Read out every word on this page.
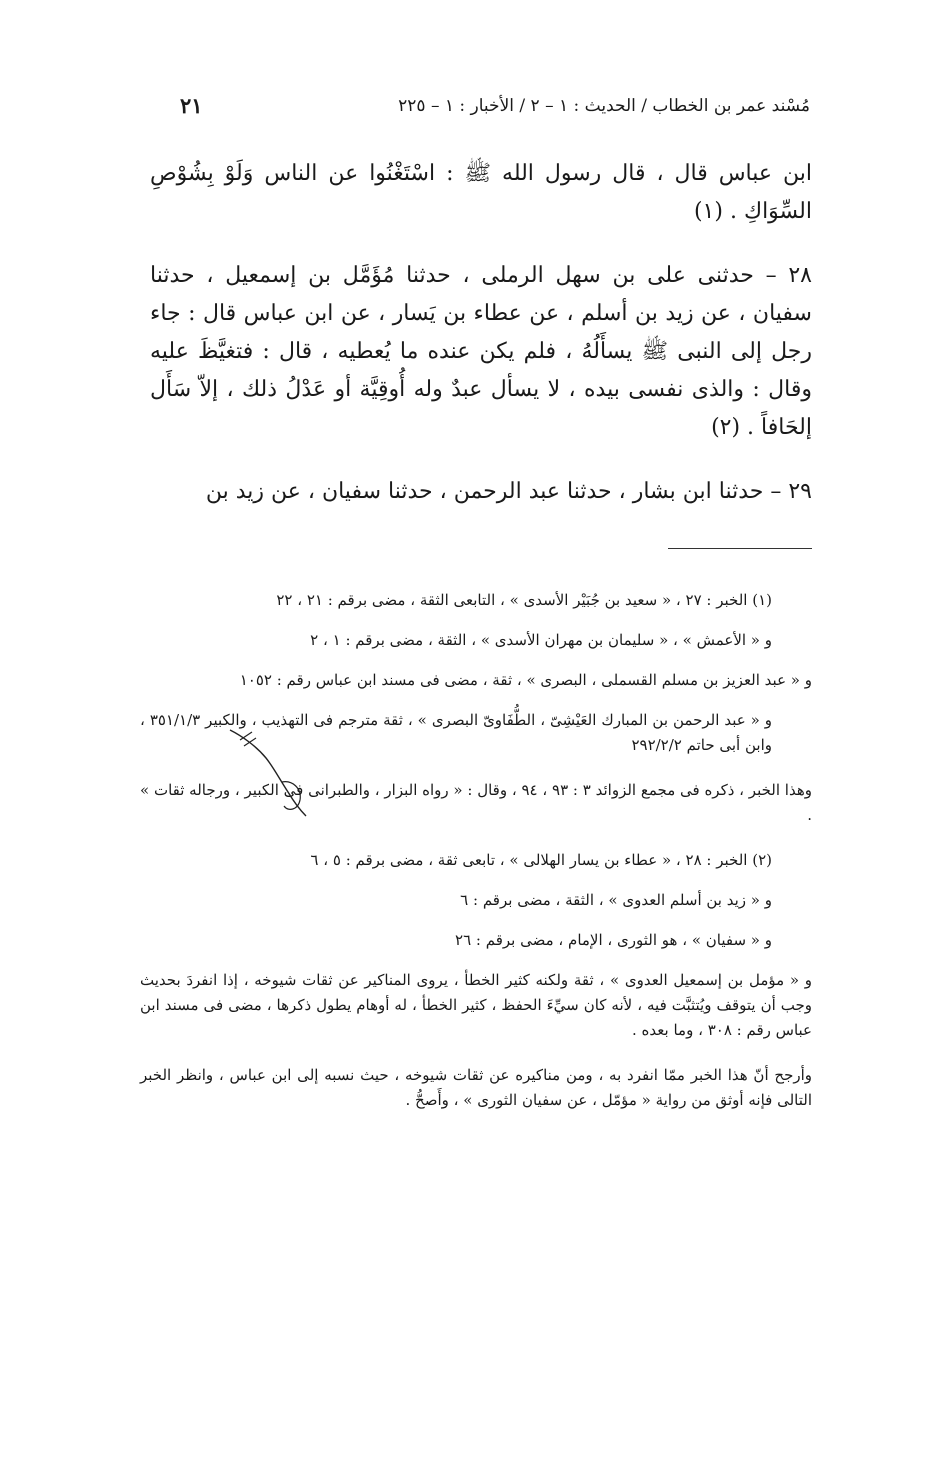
مُسْند عمر بن الخطاب / الحديث : ١ – ٢ / الأخبار : ١ – ٢٢٥
٢١

ابن عباس قال ، قال رسول الله ﷺ : اسْتَغْنُوا عن الناس وَلَوْ بِشُوْصِ السِّوَاكِ . (١)

٢٨ – حدثنى على بن سهل الرملى ، حدثنا مُؤَمَّل بن إسمعيل ، حدثنا سفيان ، عن زيد بن أسلم ، عن عطاء بن يَسار ، عن ابن عباس قال : جاء رجل إلى النبى ﷺ يسأَلُهُ ، فلم يكن عنده ما يُعطيه ، قال : فتغيَّظَ عليه وقال : والذى نفسى بيده ، لا يسأل عبدٌ وله أُوقِيَّة أو عَدْلُ ذلك ، إلاّ سَأَل إلحَافاً . (٢)

٢٩ – حدثنا ابن بشار ، حدثنا عبد الرحمن ، حدثنا سفيان ، عن زيد بن

(١) الخبر : ٢٧ ، « سعيد بن جُبَيْر الأسدى » ، التابعى الثقة ، مضى برقم : ٢١ ، ٢٢

و « الأعمش » ، « سليمان بن مهران الأسدى » ، الثقة ، مضى برقم : ١ ، ٢

و « عبد العزيز بن مسلم القسملى ، البصرى » ، ثقة ، مضى فى مسند ابن عباس رقم : ١٠٥٢

و « عبد الرحمن بن المبارك العَيْشِىّ ، الطُّفَاوىّ البصرى » ، ثقة مترجم فى التهذيب ، والكبير ٣٥١/١/٣ ، وابن أبى حاتم ٢٩٢/٢/٢

وهذا الخبر ، ذكره فى مجمع الزوائد ٣ : ٩٣ ، ٩٤ ، وقال : « رواه البزار ، والطبرانى فى الكبير ، ورجاله ثقات » .

(٢) الخبر : ٢٨ ، « عطاء بن يسار الهلالى » ، تابعى ثقة ، مضى برقم : ٥ ، ٦

و « زيد بن أسلم العدوى » ، الثقة ، مضى برقم : ٦

و « سفيان » ، هو الثورى ، الإمام ، مضى برقم : ٢٦

و « مؤمل بن إسمعيل العدوى » ، ثقة ولكنه كثير الخطأ ، يروى المناكير عن ثقات شيوخه ، إذا انفردَ بحديث وجب أن يتوقف ويُتثبَّت فيه ، لأنه كان سيِّءَ الحفظ ، كثير الخطأ ، له أوهام يطول ذكرها ، مضى فى مسند ابن عباس رقم : ٣٠٨ ، وما بعده .

وأرجح أنّ هذا الخبر ممّا انفرد به ، ومن مناكيره عن ثقات شيوخه ، حيث نسبه إلى ابن عباس ، وانظر الخبر التالى فإنه أوثق من رواية « مؤمّل ، عن سفيان الثورى » ، وأَصحُّ .
